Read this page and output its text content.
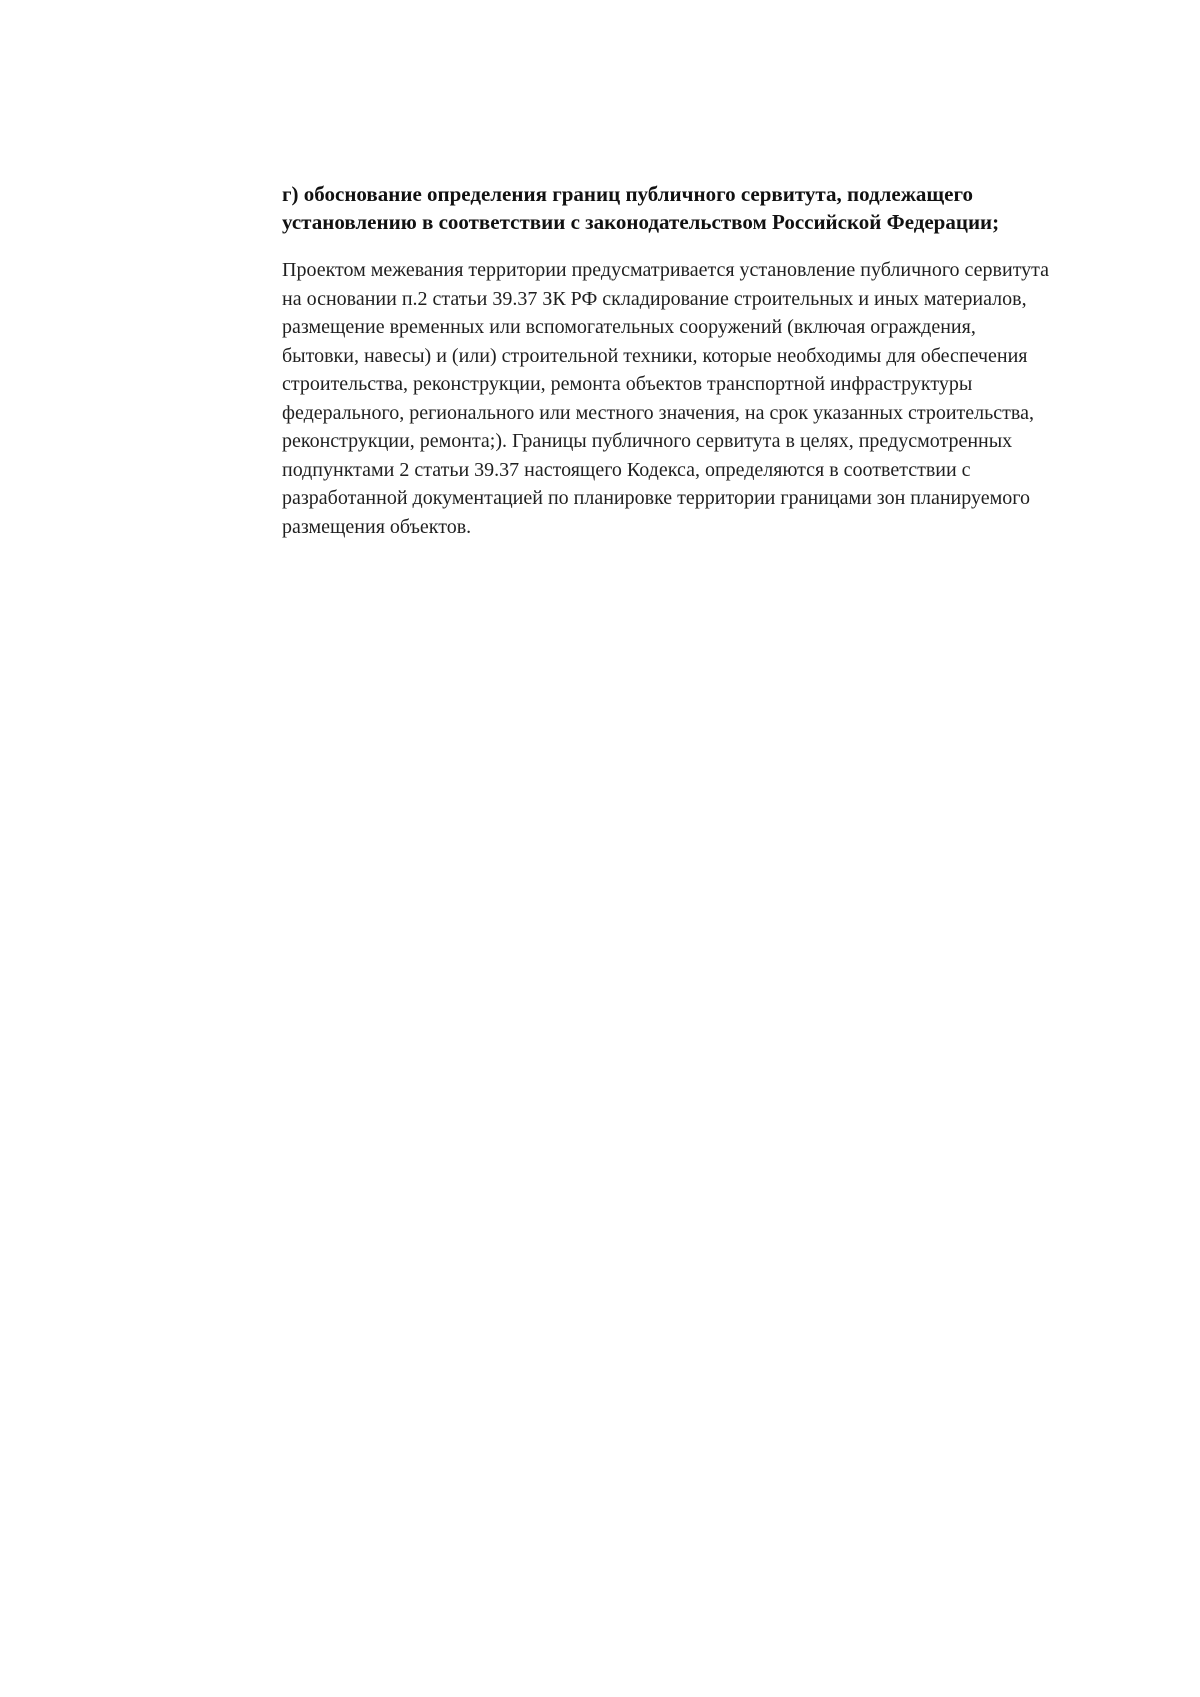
г) обоснование определения границ публичного сервитута, подлежащего установлению в соответствии с законодательством Российской Федерации;

Проектом межевания территории предусматривается установление публичного сервитута на основании п.2 статьи 39.37 ЗК РФ складирование строительных и иных материалов, размещение временных или вспомогательных сооружений (включая ограждения, бытовки, навесы) и (или) строительной техники, которые необходимы для обеспечения строительства, реконструкции, ремонта объектов транспортной инфраструктуры федерального, регионального или местного значения, на срок указанных строительства, реконструкции, ремонта;). Границы публичного сервитута в целях, предусмотренных подпунктами 2 статьи 39.37 настоящего Кодекса, определяются в соответствии с разработанной документацией по планировке территории границами зон планируемого размещения объектов.
